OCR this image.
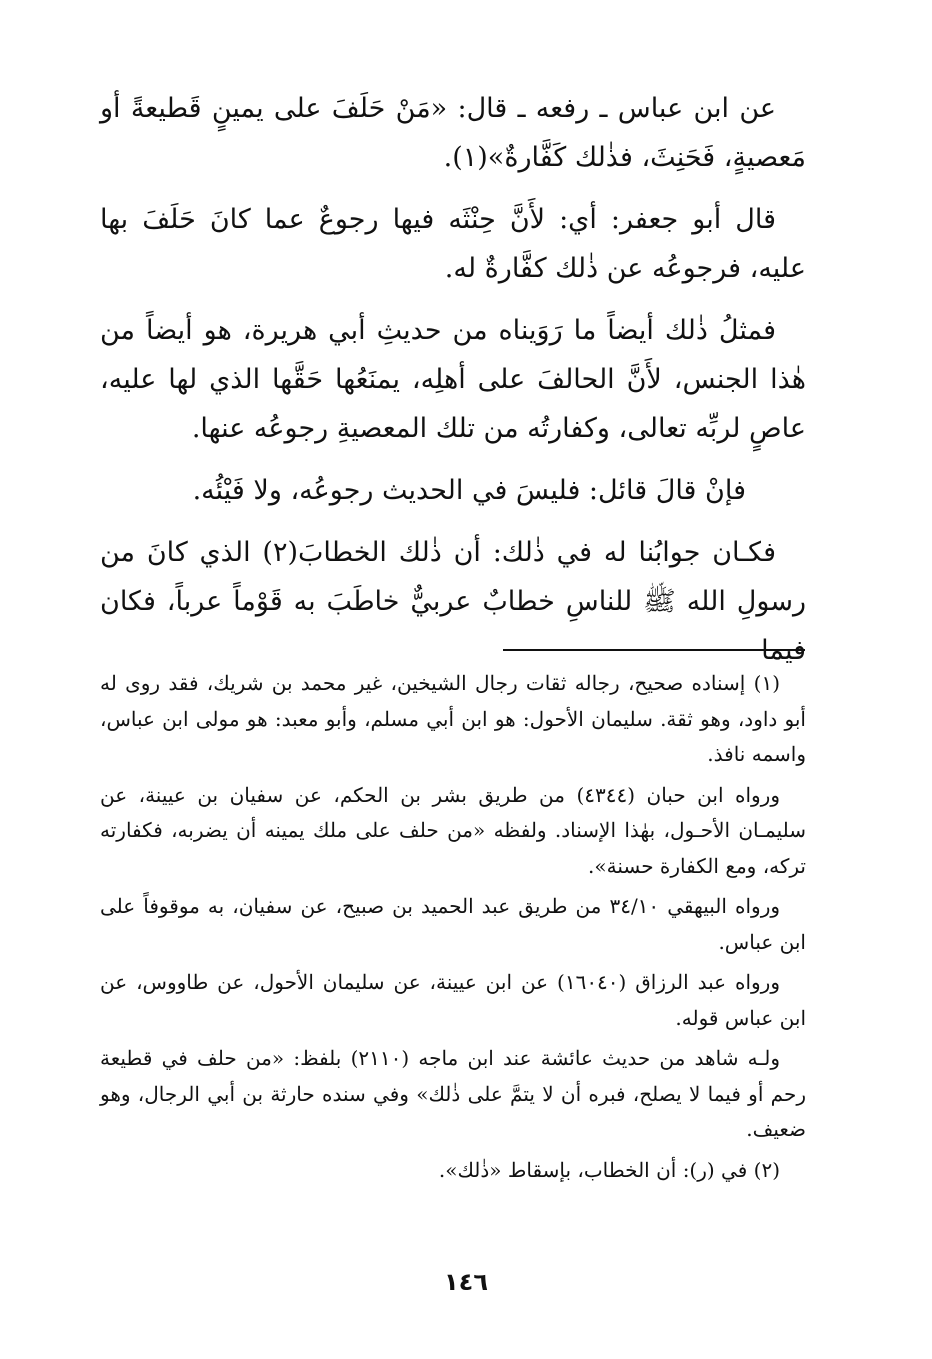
عن ابن عباس ـ رفعه ـ قال: «مَنْ حَلَفَ على يمينٍ قَطيعةً أو مَعصيةٍ، فَحَنِثَ، فذٰلك كَفَّارةٌ»(١).

قال أبو جعفر: أي: لأَنَّ حِنْثَه فيها رجوعٌ عما كانَ حَلَفَ بها عليه، فرجوعُه عن ذٰلك كفَّارةٌ له.

فمثلُ ذٰلك أيضاً ما رَوَيناه من حديثِ أبي هريرة، هو أيضاً من هٰذا الجنس، لأَنَّ الحالفَ على أهلِه، يمنَعُها حَقَّها الذي لها عليه، عاصٍ لربِّه تعالى، وكفارتُه من تلك المعصيةِ رجوعُه عنها.

فإنْ قالَ قائل: فليسَ في الحديث رجوعُه، ولا فَيْئُه.

فكـان جوابُنا له في ذٰلك: أن ذٰلك الخطابَ(٢) الذي كانَ من رسولِ الله ﷺ للناسِ خطابٌ عربيٌّ خاطَبَ به قَوْماً عرباً، فكان فيما

(١) إسناده صحيح، رجاله ثقات رجال الشيخين، غير محمد بن شريك، فقد روى له أبو داود، وهو ثقة. سليمان الأحول: هو ابن أبي مسلم، وأبو معبد: هو مولى ابن عباس، واسمه نافذ.

ورواه ابن حبان (٤٣٤٤) من طريق بشر بن الحكم، عن سفيان بن عيينة، عن سليمـان الأحـول، بهٰذا الإسناد. ولفظه «من حلف على ملك يمينه أن يضربه، فكفارته تركه، ومع الكفارة حسنة».

ورواه البيهقي ٣٤/١٠ من طريق عبد الحميد بن صبيح، عن سفيان، به موقوفاً على ابن عباس.

ورواه عبد الرزاق (١٦٠٤٠) عن ابن عيينة، عن سليمان الأحول، عن طاووس، عن ابن عباس قوله.

ولـه شاهد من حديث عائشة عند ابن ماجه (٢١١٠) بلفظ: «من حلف في قطيعة رحم أو فيما لا يصلح، فبره أن لا يتمَّ على ذٰلك» وفي سنده حارثة بن أبي الرجال، وهو ضعيف.

(٢) في (ر): أن الخطاب، بإسقاط «ذٰلك».

١٤٦
